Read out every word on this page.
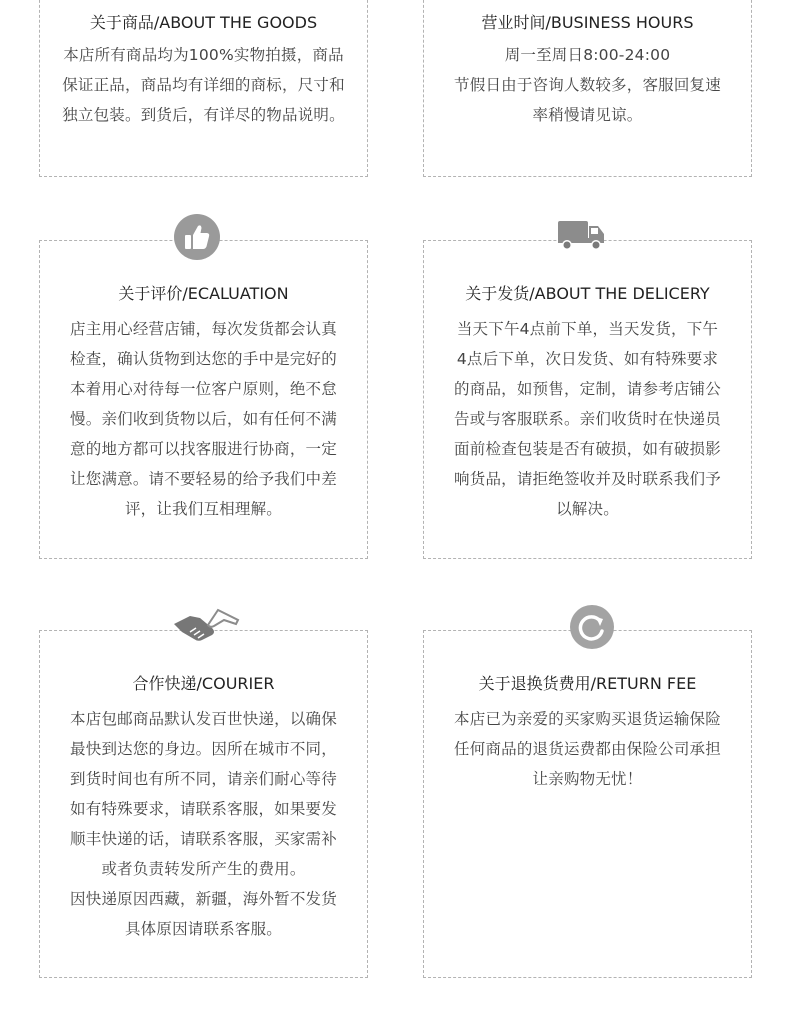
关于商品/ABOUT THE GOODS

本店所有商品均为100%实物拍摄，商品

保证正品，商品均有详细的商标，尺寸和

独立包装。到货后，有详尽的物品说明。

营业时间/BUSINESS HOURS

周一至周日8:00-24:00

节假日由于咨询人数较多，客服回复速

率稍慢请见谅。

关于评价/ECALUATION

店主用心经营店铺，每次发货都会认真

检查，确认货物到达您的手中是完好的

本着用心对待每一位客户原则，绝不怠

慢。亲们收到货物以后，如有任何不满

意的地方都可以找客服进行协商，一定

让您满意。请不要轻易的给予我们中差

评，让我们互相理解。

关于发货/ABOUT THE DELICERY

当天下午4点前下单，当天发货，下午

4点后下单，次日发货、如有特殊要求

的商品，如预售，定制，请参考店铺公

告或与客服联系。亲们收货时在快递员

面前检查包装是否有破损，如有破损影

响货品，请拒绝签收并及时联系我们予

以解决。

合作快递/COURIER

本店包邮商品默认发百世快递，以确保

最快到达您的身边。因所在城市不同，

到货时间也有所不同，请亲们耐心等待

如有特殊要求，请联系客服，如果要发

顺丰快递的话，请联系客服，买家需补

或者负责转发所产生的费用。

因快递原因西藏，新疆，海外暂不发货

具体原因请联系客服。

关于退换货费用/RETURN FEE

本店已为亲爱的买家购买退货运输保险

任何商品的退货运费都由保险公司承担

让亲购物无忧！
